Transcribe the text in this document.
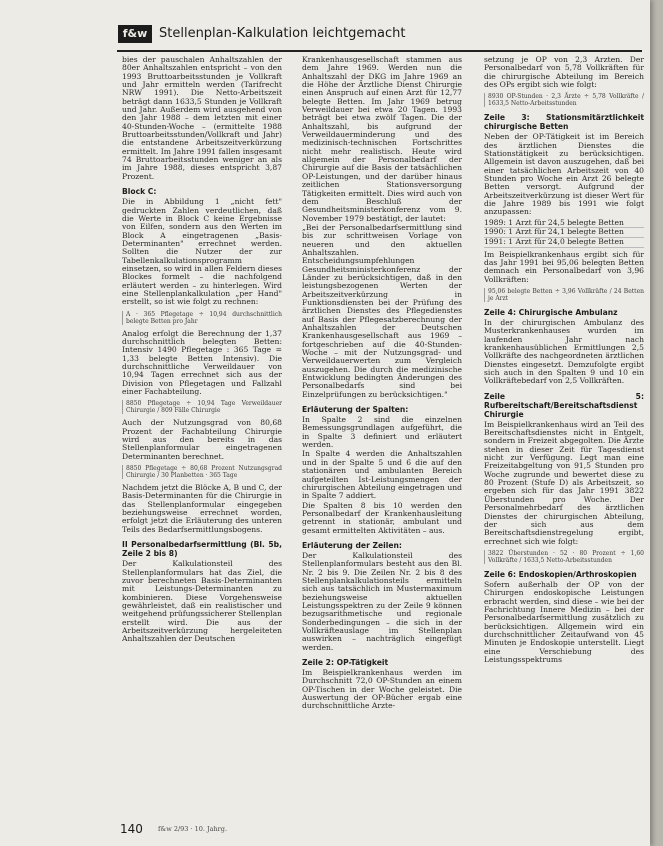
f&w Stellenplan-Kalkulation leichtgemacht

bies der pauschalen Anhaltszahlen der 80er Anhaltszahlen entspricht – von den 1993 Bruttoarbeitsstunden je Vollkraft und Jahr ermitteln werden (Tarifrecht NRW 1991). Die Netto-Arbeitszeit beträgt dann 1633,5 Stunden je Vollkraft und Jahr. Außerdem wird ausgehend von den Jahr 1988 – dem letzten mit einer 40-Stunden-Woche – (ermittelte 1988 Bruttoarbeitsstunden/Vollkraft und Jahr) die entstandene Arbeitszeitverkürzung ermittelt. Im Jahre 1991 fallen insgesamt 74 Bruttoarbeitsstunden weniger an als im Jahre 1988, dieses entspricht 3,87 Prozent.

Block C:

Die in Abbildung 1 „nicht fett" gedruckten Zahlen verdeutlichen, daß die Werte in Block C keine Ergebnisse von Eilfen, sondern aus den Werten im Block A eingetragenen „Basis-Determinanten" errechnet werden. Sollten die Nutzer der zur Tabellenkalkulationsprogramm einsetzen, so wird in allen Feldern dieses Blockes formelt – die nachfolgend erläutert werden – zu hinterlegen. Wird eine Stellenplankalkulation „per Hand" erstellt, so ist wie folgt zu rechnen:

A · 365 Pflegetage ÷ 10,94 durchschnittlich belegte Betten pro Jahr

Analog erfolgt die Berechnung der 1,37 durchschnittlich belegten Betten: Intensiv 1490 Pflegetage : 365 Tage = 1,33 belegte Betten Intensiv). Die durchschnittliche Verweildauer von 10,94 Tagen errechnet sich aus der Division von Pflegetagen und Fallzahl einer Fachabteilung.

8850 Pflegetage ÷ 10,94 Tage Verweildauer Chirurgie / 809 Fälle Chirurgie

Auch der Nutzungsgrad von 80,68 Prozent der Fachabteilung Chirurgie wird aus den bereits in das Stellenplanformular eingetragenen Determinanten berechnet.

8850 Pflegetage ÷ 80,68 Prozent Nutzungsgrad Chirurgie / 30 Planbetten · 365 Tage

Nachdem jetzt die Blöcke A, B und C, der Basis-Determinanten für die Chirurgie in das Stellenplanformular eingegeben beziehungsweise errechnet worden, erfolgt jetzt die Erläuterung des unteren Teils des Bedarfsermittlungsbogens.

II Personalbedarfsermittlung (Bl. 5b, Zeile 2 bis 8)

Der Kalkulationsteil des Stellenplanformulars hat das Ziel, die zuvor berechneten Basis-Determinanten mit Leistungs-Determinanten zu kombinieren. Diese Vorgehensweise gewährleistet, daß ein realistischer und weitgehend prüfungssicherer Stellenplan erstellt wird. Die aus der Arbeitszeitverkürzung hergeleiteten Anhaltszahlen der Deutschen

Krankenhausgesellschaft stammen aus dem Jahre 1969. Werden nun die Anhaltszahl der DKG im Jahre 1969 an die Höhe der Ärztliche Dienst Chirurgie einen Anspruch auf einen Arzt für 12,77 belegte Betten. Im Jahr 1969 betrug Verweildauer bei etwa 20 Tagen. 1993 beträgt bei etwa zwölf Tagen. Die der Anhaltszahl, bis aufgrund der Verweildauerminderung und des medizinisch-technischen Fortschrittes nicht mehr realistisch. Heute wird allgemein der Personalbedarf der Chirurgie auf die Basis der tatsächlichen OP-Leistungen, und der darüber hinaus zeitlichen Stationsversorgung Tätigkeiten ermittelt. Dies wird auch von dem Beschluß der Gesundheitsministerkonferenz vom 9. November 1979 bestätigt, der lautet:

„Bei der Personalbedarfsermittlung sind bis zur schrittweisen Vorlage von neueren und den aktuellen Anhaltszahlen. Entscheidungsumpfehlungen Gesundheitsministerkonferenz der Länder zu berücksichtigen, daß in den leistungsbezogenen Werten der Arbeitszeitverkürzung in Funktionsdiensten bei der Prüfung des ärztlichen Dienstes des Pflegedienstes auf Basis der Pflegesatzberechnung der Anhaltszahlen der Deutschen Krankenhausgesellschaft aus 1969 – fortgeschrieben auf die 40-Stunden-Woche – mit der Nutzungsgrad- und Verweildauerwerten zum Vergleich auszugehen. Die durch die medizinische Entwicklung bedingten Änderungen des Personalbedarfs sind bei Einzelprüfungen zu berücksichtigen."

Erläuterung der Spalten:

In Spalte 2 sind die einzelnen Bemessungsgrundlagen aufgeführt, die in Spalte 3 definiert und erläutert werden.

In Spalte 4 werden die Anhaltszahlen und in der Spalte 5 und 6 die auf den stationären und ambulanten Bereich aufgeteilten Ist-Leistungsmengen der chirurgischen Abteilung eingetragen und in Spalte 7 addiert.

Die Spalten 8 bis 10 werden den Personalbedarf der Krankenhausleitung getrennt in stationär, ambulant und gesamt ermittelten Aktivitäten – aus.

Erläuterung der Zeilen:

Der Kalkulationsteil des Stellenplanformulars besteht aus den Bl. Nr. 2 bis 9. Die Zeilen Nr. 2 bis 8 des Stellenplankalkulationsteils ermitteln sich aus tatsächlich im Mustermaximum beziehungsweise aktuellen Leistungsspektren zu der Zeile 9 können bezugsarithmetische und regionale Sonderbedingungen – die sich in der Vollkräfteauslage im Stellenplan auswirken – nachträglich eingefügt werden.

Zeile 2: OP-Tätigkeit

Im Beispielkrankenhaus werden im Durchschnitt 72,0 OP-Stunden an einem OP-Tischen in der Woche geleistet. Die Auswertung der OP-Bücher ergab eine durchschnittliche Arzte-

setzung je OP von 2,3 Ärzten. Der Personalbedarf von 5,78 Vollkräften für die chirurgische Abteilung im Bereich des OPs ergibt sich wie folgt:

8930 OP-Stunden · 2,3 Ärzte ÷ 5,78 Vollkräfte / 1633,5 Netto-Arbeitsstunden
Zeile 3: Stationsmitärztlichkeit chirurgische Betten

Neben der OP-Tätigkeit ist im Bereich des ärztlichen Dienstes die Stationstätigkeit zu berücksichtigen. Allgemein ist davon auszugehen, daß bei einer tatsächlichen Arbeitszeit von 40 Stunden pro Woche ein Arzt 26 belegte Betten versorgt. Aufgrund der Arbeitszeitverkürzung ist dieser Wert für die Jahre 1989 bis 1991 wie folgt anzupassen:

1989: 1 Arzt für 24,5 belegte Betten
1990: 1 Arzt für 24,1 belegte Betten
1991: 1 Arzt für 24,0 belegte Betten

Im Beispielkrankenhaus ergibt sich für das Jahr 1991 bei 95,06 belegten Betten demnach ein Personalbedarf von 3,96 Vollkräften:

95,06 belegte Betten ÷ 3,96 Vollkräfte / 24 Betten je Arzt
Zeile 4: Chirurgische Ambulanz

In der chirurgischen Ambulanz des Musterkrankenhauses wurden im laufenden Jahr nach krankenhausüblichen Ermittlungen 2,5 Vollkräfte des nachgeordneten ärztlichen Dienstes eingesetzt. Demzufolgte ergibt sich auch in den Spalten 9 und 10 ein Vollkräftebedarf von 2,5 Vollkräften.

Zeile 5: Rufbereitschaft/Bereitschaftsdienst Chirurgie

Im Beispielkrankenhaus wird an Teil des Bereitschaftsdienstes nicht in Entgelt, sondern in Freizeit abgegolten. Die Ärzte stehen in dieser Zeit für Tagesdienst nicht zur Verfügung. Legt man eine Freizeitabgeltung von 91,5 Stunden pro Woche zugrunde und bewertet diese zu 80 Prozent (Stufe D) als Arbeitszeit, so ergeben sich für das Jahr 1991 3822 Überstunden pro Woche. Der Personalmehrbedarf des ärztlichen Dienstes der chirurgischen Abteilung, der sich aus dem Bereitschaftsdienstregelung ergibt, errechnet sich wie folgt:

3822 Überstunden · 52 · 80 Prozent ÷ 1,60 Vollkräfte / 1633,5 Netto-Arbeitsstunden
Zeile 6: Endoskopien/Arthroskopien

Sofern außerhalb der OP von der Chirurgen endoskopische Leistungen erbracht werden, sind diese – wie bei der Fachrichtung Innere Medizin – bei der Personalbedarfsermittlung zusätzlich zu berücksichtigen. Allgemein wird ein durchschnittlicher Zeitaufwand von 45 Minuten je Endoskopie unterstellt. Liegt eine Verschiebung des Leistungsspektrums

140 f&w 2/93 · 10. Jahrg.
